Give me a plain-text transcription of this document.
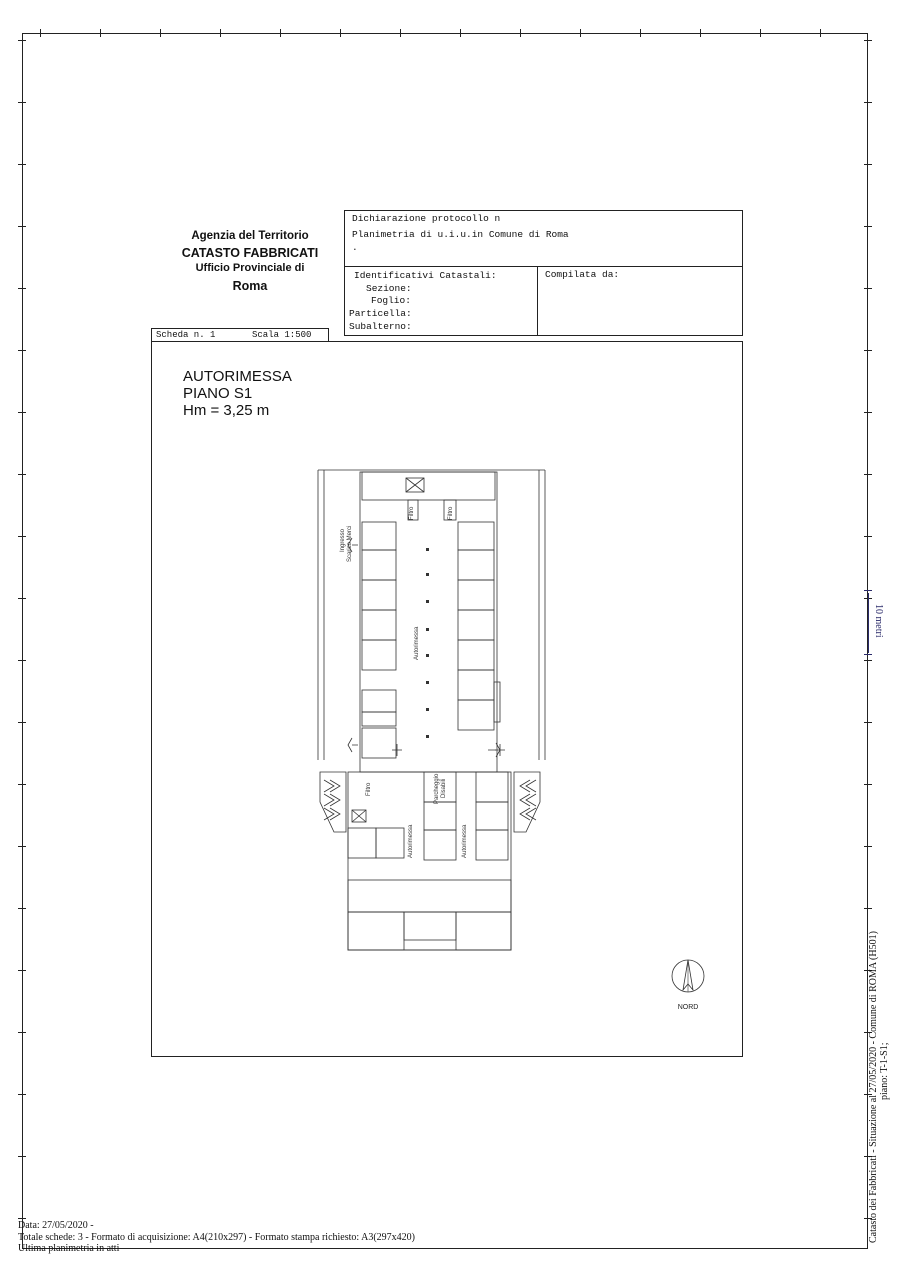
Agenzia del Territorio
CATASTO FABBRICATI
Ufficio Provinciale di
Roma
Dichiarazione protocollo n
Planimetria di u.i.u.in Comune di Roma
.
Identificativi Catastali:
Sezione:
Foglio:
Particella:
Subalterno:
Compilata da:
Scheda n. 1	Scala 1:500
AUTORIMESSA
PIANO S1
Hm = 3,25 m
Ingresso Scarico Merci
Autorimessa
Filtro	Filtro
Filtro	Parcheggio Disabili
Autorimessa	Autorimessa
NORD
10 metri
Catasto dei Fabbricati - Situazione al 27/05/2020 - Comune di ROMA (H501) piano: T-1-S1;
Data: 27/05/2020 -
Totale schede: 3 - Formato di acquisizione: A4(210x297) - Formato stampa richiesto: A3(297x420)
Ultima planimetria in atti
